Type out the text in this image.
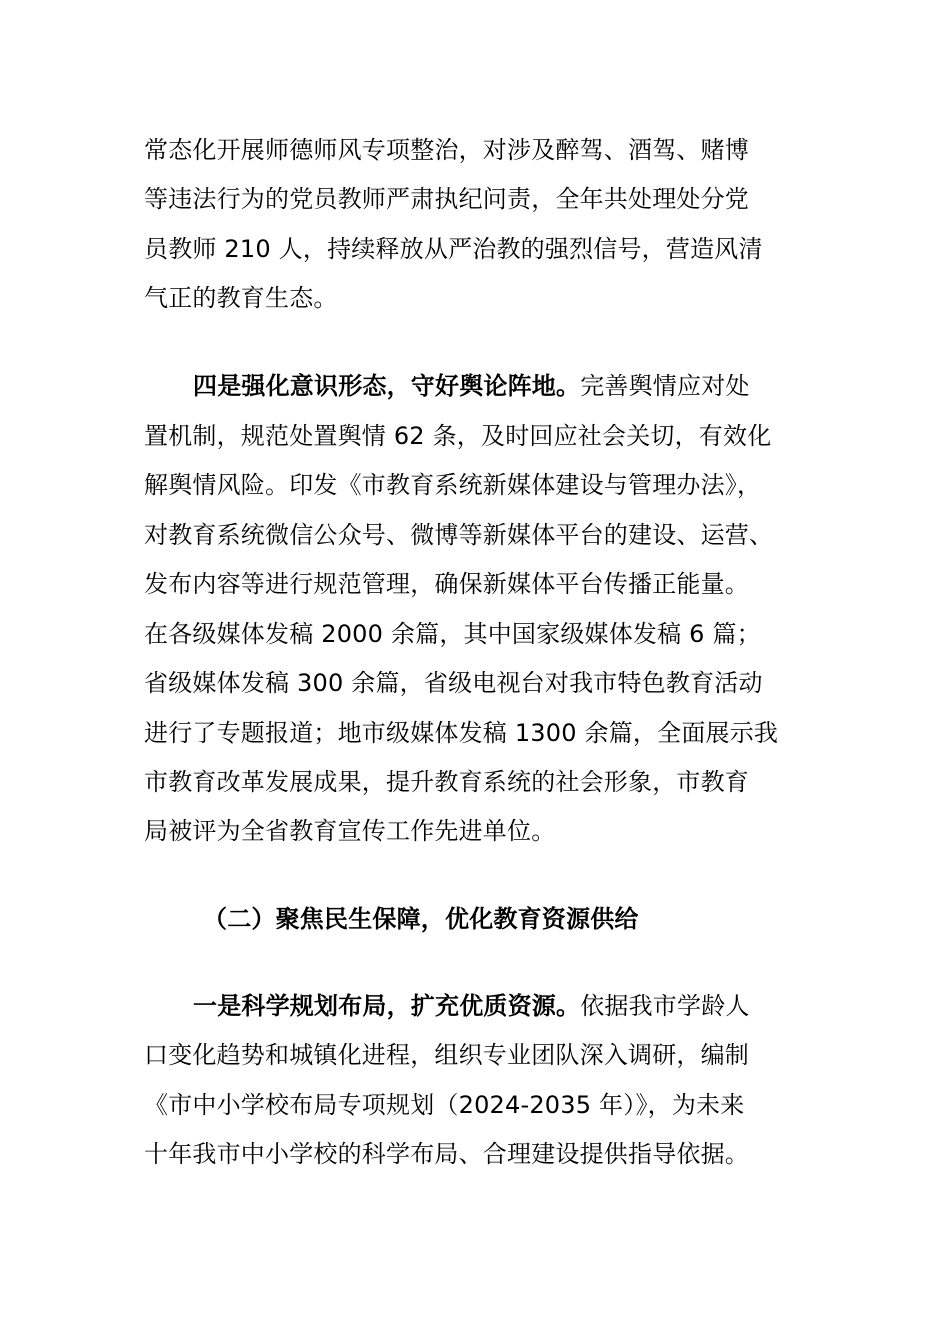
常态化开展师德师风专项整治，对涉及醉驾、酒驾、赌博
等违法行为的党员教师严肃执纪问责，全年共处理处分党
员教师 210 人，持续释放从严治教的强烈信号，营造风清
气正的教育生态。
四是强化意识形态，守好舆论阵地。完善舆情应对处
置机制，规范处置舆情 62 条，及时回应社会关切，有效化
解舆情风险。印发《市教育系统新媒体建设与管理办法》，
对教育系统微信公众号、微博等新媒体平台的建设、运营、
发布内容等进行规范管理，确保新媒体平台传播正能量。
在各级媒体发稿 2000 余篇，其中国家级媒体发稿 6 篇；
省级媒体发稿 300 余篇，省级电视台对我市特色教育活动
进行了专题报道；地市级媒体发稿 1300 余篇，全面展示我
市教育改革发展成果，提升教育系统的社会形象，市教育
局被评为全省教育宣传工作先进单位。
（二）聚焦民生保障，优化教育资源供给
一是科学规划布局，扩充优质资源。依据我市学龄人
口变化趋势和城镇化进程，组织专业团队深入调研，编制
《市中小学校布局专项规划（2024-2035 年）》，为未来
十年我市中小学校的科学布局、合理建设提供指导依据。
